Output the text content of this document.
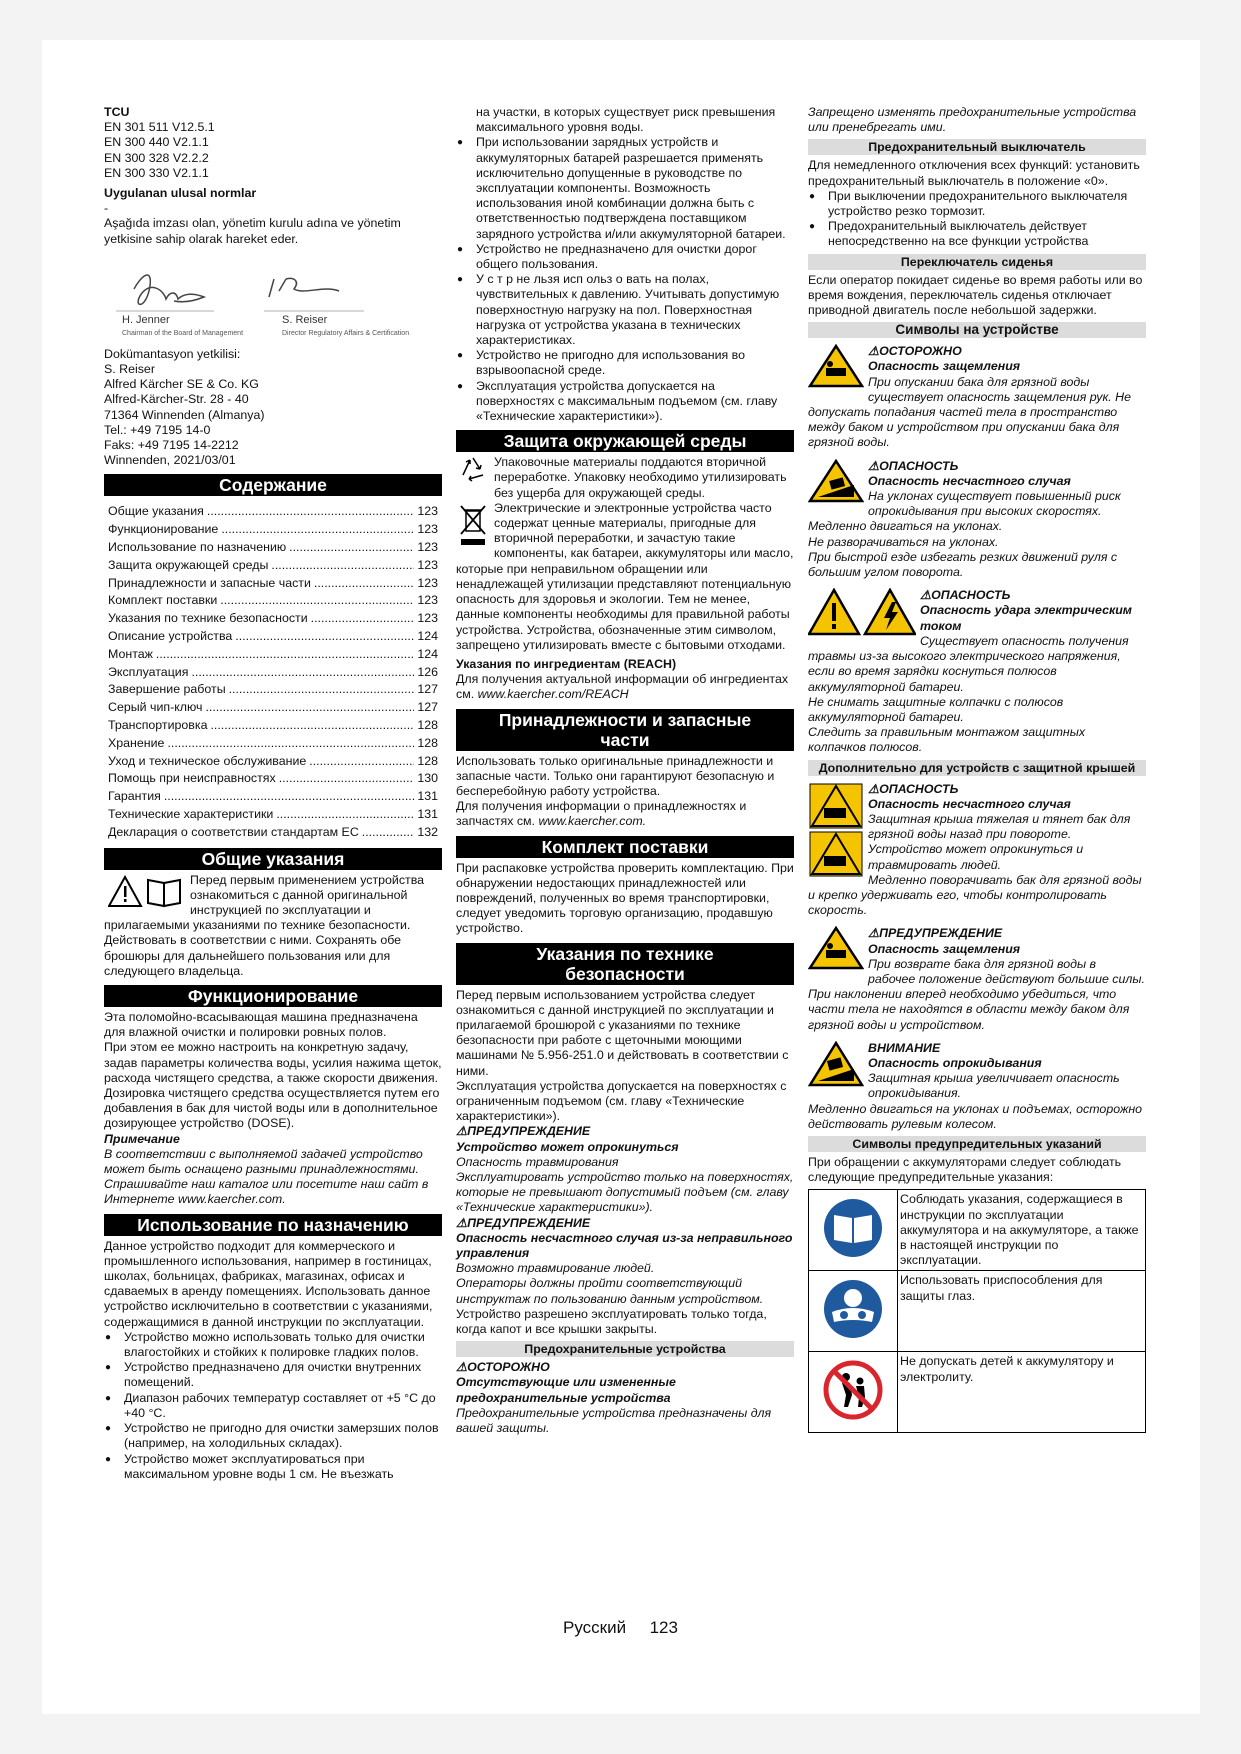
TCU

EN 301 511 V12.5.1

EN 300 440 V2.1.1

EN 300 328 V2.2.2

EN 300 330 V2.1.1

Uygulanan ulusal normlar

-

Aşağıda imzası olan, yönetim kurulu adına ve yönetim yetkisine sahip olarak hareket eder.

H. Jenner
Chairman of the Board of Management
S. Reiser
Director Regulatory Affairs & Certification

Dokümantasyon yetkilisi:

S. Reiser

Alfred Kärcher SE & Co. KG

Alfred-Kärcher-Str. 28 - 40

71364 Winnenden (Almanya)

Tel.: +49 7195 14-0

Faks: +49 7195 14-2212

Winnenden, 2021/03/01

Содержание
Общие указания .....	123
Функционирование .....	123
Использование по назначению .....	123
Защита окружающей среды .....	123
Принадлежности и запасные части .....	123
Комплект поставки .....	123
Указания по технике безопасности .....	123
Описание устройства .....	124
Монтаж .....	124
Эксплуатация .....	126
Завершение работы .....	127
Серый чип-ключ .....	127
Транспортировка .....	128
Хранение .....	128
Уход и техническое обслуживание .....	128
Помощь при неисправностях .....	130
Гарантия .....	131
Технические характеристики .....	131
Декларация о соответствии стандартам ЕС .....	132
Общие указания

Перед первым применением устройства ознакомиться с данной оригинальной инструкцией по эксплуатации и прилагаемыми указаниями по технике безопасности. Действовать в соответствии с ними. Сохранять обе брошюры для дальнейшего пользования или для следующего владельца.

Функционирование

Эта поломойно-всасывающая машина предназначена для влажной очистки и полировки ровных полов.

При этом ее можно настроить на конкретную задачу, задав параметры количества воды, усилия нажима щеток, расхода чистящего средства, а также скорости движения. Дозировка чистящего средства осуществляется путем его добавления в бак для чистой воды или в дополнительное дозирующее устройство (DOSE).

Примечание

В соответствии с выполняемой задачей устройство может быть оснащено разными принадлежностями. Спрашивайте наш каталог или посетите наш сайт в Интернете www.kaercher.com.

Использование по назначению

Данное устройство подходит для коммерческого и промышленного использования, например в гостиницах, школах, больницах, фабриках, магазинах, офисах и сдаваемых в аренду помещениях. Использовать данное устройство исключительно в соответствии с указаниями, содержащимися в данной инструкции по эксплуатации.

● Устройство можно использовать только для очистки влагостойких и стойких к полировке гладких полов.
● Устройство предназначено для очистки внутренних помещений.
● Диапазон рабочих температур составляет от +5 °C до +40 °C.
● Устройство не пригодно для очистки замерзших полов (например, на холодильных складах).
● Устройство может эксплуатироваться при максимальном уровне воды 1 см. Не въезжать

на участки, в которых существует риск превышения максимального уровня воды.

● При использовании зарядных устройств и аккумуляторных батарей разрешается применять исключительно допущенные в руководстве по эксплуатации компоненты. Возможность использования иной комбинации должна быть с ответственностью подтверждена поставщиком зарядного устройства и/или аккумуляторной батареи.
● Устройство не предназначено для очистки дорог общего пользования.
● У с т р не льзя исп ольз о вать на полах, чувствительных к давлению. Учитывать допустимую поверхностную нагрузку на пол. Поверхностная нагрузка от устройства указана в технических характеристиках.
● Устройство не пригодно для использования во взрывоопасной среде.
● Эксплуатация устройства допускается на поверхностях с максимальным подъемом (см. главу «Технические характеристики»).
Защита окружающей среды

Упаковочные материалы поддаются вторичной переработке. Упаковку необходимо утилизировать без ущерба для окружающей среды.

Электрические и электронные устройства часто содержат ценные материалы, пригодные для вторичной переработки, и зачастую такие компоненты, как батареи, аккумуляторы или масло, которые при неправильном обращении или ненадлежащей утилизации представляют потенциальную опасность для здоровья и экологии. Тем не менее, данные компоненты необходимы для правильной работы устройства. Устройства, обозначенные этим символом, запрещено утилизировать вместе с бытовыми отходами.

Указания по ингредиентам (REACH)

Для получения актуальной информации об ингредиентах см. www.kaercher.com/REACH

Принадлежности и запасные
части

Использовать только оригинальные принадлежности и запасные части. Только они гарантируют безопасную и бесперебойную работу устройства.

Для получения информации о принадлежностях и запчастях см. www.kaercher.com.

Комплект поставки

При распаковке устройства проверить комплектацию. При обнаружении недостающих принадлежностей или повреждений, полученных во время транспортировки, следует уведомить торговую организацию, продавшую устройство.

Указания по технике
безопасности

Перед первым использованием устройства следует ознакомиться с данной инструкцией по эксплуатации и прилагаемой брошюрой с указаниями по технике безопасности при работе с щеточными моющими машинами № 5.956-251.0 и действовать в соответствии с ними.

Эксплуатация устройства допускается на поверхностях с ограниченным подъемом (см. главу «Технические характеристики»).

⚠ПРЕДУПРЕЖДЕНИЕ

Устройство может опрокинуться

Опасность травмирования

Эксплуатировать устройство только на поверхностях, которые не превышают допустимый подъем (см. главу «Технические характеристики»).

⚠ПРЕДУПРЕЖДЕНИЕ

Опасность несчастного случая из-за неправильного управления

Возможно травмирование людей.

Операторы должны пройти соответствующий инструктаж по пользованию данным устройством.

Устройство разрешено эксплуатировать только тогда, когда капот и все крышки закрыты.

Предохранительные устройства

⚠ОСТОРОЖНО

Отсутствующие или измененные предохранительные устройства

Предохранительные устройства предназначены для вашей защиты.

Запрещено изменять предохранительные устройства или пренебрегать ими.

Предохранительный выключатель

Для немедленного отключения всех функций: установить предохранительный выключатель в положение «0».

● При выключении предохранительного выключателя устройство резко тормозит.
● Предохранительный выключатель действует непосредственно на все функции устройства
Переключатель сиденья

Если оператор покидает сиденье во время работы или во время вождения, переключатель сиденья отключает приводной двигатель после небольшой задержки.

Символы на устройстве

⚠ОСТОРОЖНО

Опасность защемления

При опускании бака для грязной воды существует опасность защемления рук. Не допускать попадания частей тела в пространство между баком и устройством при опускании бака для грязной воды.

⚠ОПАСНОСТЬ

Опасность несчастного случая

На уклонах существует повышенный риск опрокидывания при высоких скоростях.

Медленно двигаться на уклонах.

Не разворачиваться на уклонах.

При быстрой езде избегать резких движений руля с большим углом поворота.

⚠ОПАСНОСТЬ

Опасность удара электрическим током

Существует опасность получения травмы из-за высокого электрического напряжения, если во время зарядки коснуться полюсов аккумуляторной батареи.

Не снимать защитные колпачки с полюсов аккумуляторной батареи.

Следить за правильным монтажом защитных колпачков полюсов.

Дополнительно для устройств с защитной крышей

⚠ОПАСНОСТЬ

Опасность несчастного случая

Защитная крыша тяжелая и тянет бак для грязной воды назад при повороте. Устройство может опрокинуться и травмировать людей.

Медленно поворачивать бак для грязной воды и крепко удерживать его, чтобы контролировать скорость.

⚠ПРЕДУПРЕЖДЕНИЕ

Опасность защемления

При возврате бака для грязной воды в рабочее положение действуют большие силы.

При наклонении вперед необходимо убедиться, что части тела не находятся в области между баком для грязной воды и устройством.

ВНИМАНИЕ

Опасность опрокидывания

Защитная крыша увеличивает опасность опрокидывания.

Медленно двигаться на уклонах и подъемах, осторожно действовать рулевым колесом.

Символы предупредительных указаний

При обращении с аккумуляторами следует соблюдать следующие предупредительные указания:

	Соблюдать указания, содержащиеся в инструкции по эксплуатации аккумулятора и на аккумуляторе, а также в настоящей инструкции по эксплуатации.
	Использовать приспособления для защиты глаз.
	Не допускать детей к аккумулятору и электролиту.
Русский 123
